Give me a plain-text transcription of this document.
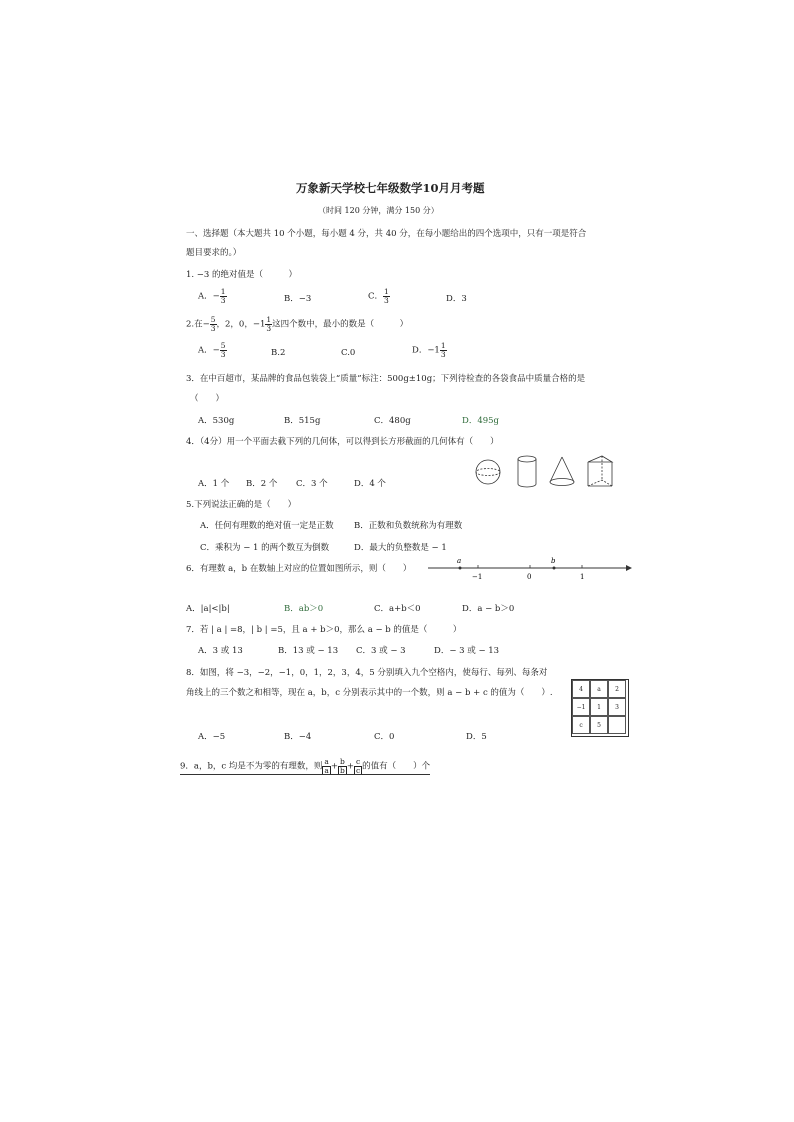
万象新天学校七年级数学10月月考题
（时间 120 分钟，满分 150 分）
一、选择题（本大题共 10 个小题，每小题 4 分，共 40 分，在每小题给出的四个选项中，只有一项是符合
题目要求的。）
1. −3 的绝对值是（　　　）
A．− $\frac{1}{3}$	B．−3	C． $\frac{1}{3}$	D．3
2.在− $\frac{5}{3}$ ，2，0，$-1 \frac{1}{3}$ 这四个数中，最小的数是（　　　）
A．− $\frac{5}{3}$	B.2	C.0	D．$-1 \frac{1}{3}$
3．在中百超市，某品牌的食品包装袋上“质量”标注：500g±10g；下列待检查的各袋食品中质量合格的是
（　　）
A．530g	B．515g	C．480g	D．495g
4．（4分）用一个平面去截下列的几何体，可以得到长方形截面的几何体有（　　）
A．1 个 B．2 个 C．3 个	D．4 个
5.下列说法正确的是（　　）
A．任何有理数的绝对值一定是正数 B．正数和负数统称为有理数
C．乘积为 − 1 的两个数互为倒数	D．最大的负整数是 − 1
6．有理数 a，b 在数轴上对应的位置如图所示，则（　　）
a	b
−1	0	1
A．|a|<|b|	B．ab＞0	C．a+b＜0	D．a − b＞0
7．若 | a | =8，| b | =5，且 a + b＞0，那么 a − b 的值是（　　　）
A．3 或 13	B．13 或 − 13 C．3 或 − 3	D．− 3 或 − 13
8．如图，将 −3，−2，−1，0，1，2，3，4，5 分别填入九个空格内，使每行、每列、每条对
角线上的三个数之和相等，现在 a，b，c 分别表示其中的一个数，则 a − b + c 的值为（　　）.	4	a	2
−1	1	3
c	5
A．−5	B．−4	C．0	D．5
9．a，b，c 均是不为零的有理数，则 $\frac{a}{a} + \frac{b}{b} + \frac{c}{c}$ 的值有（　　）个
